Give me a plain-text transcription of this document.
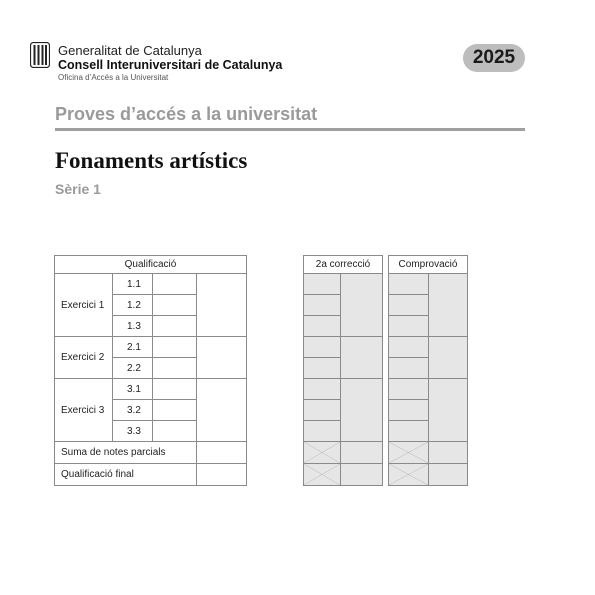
Generalitat de Catalunya
Consell Interuniversitari de Catalunya
Oficina d’Accés a la Universitat
2025
Proves d’accés a la universitat
Fonaments artístics
Sèrie 1
Qualificació
Exercici 1
1.1
1.2
1.3
Exercici 2
2.1
2.2
Exercici 3
3.1
3.2
3.3
Suma de notes parcials
Qualificació final
2a correcció	Comprovació
